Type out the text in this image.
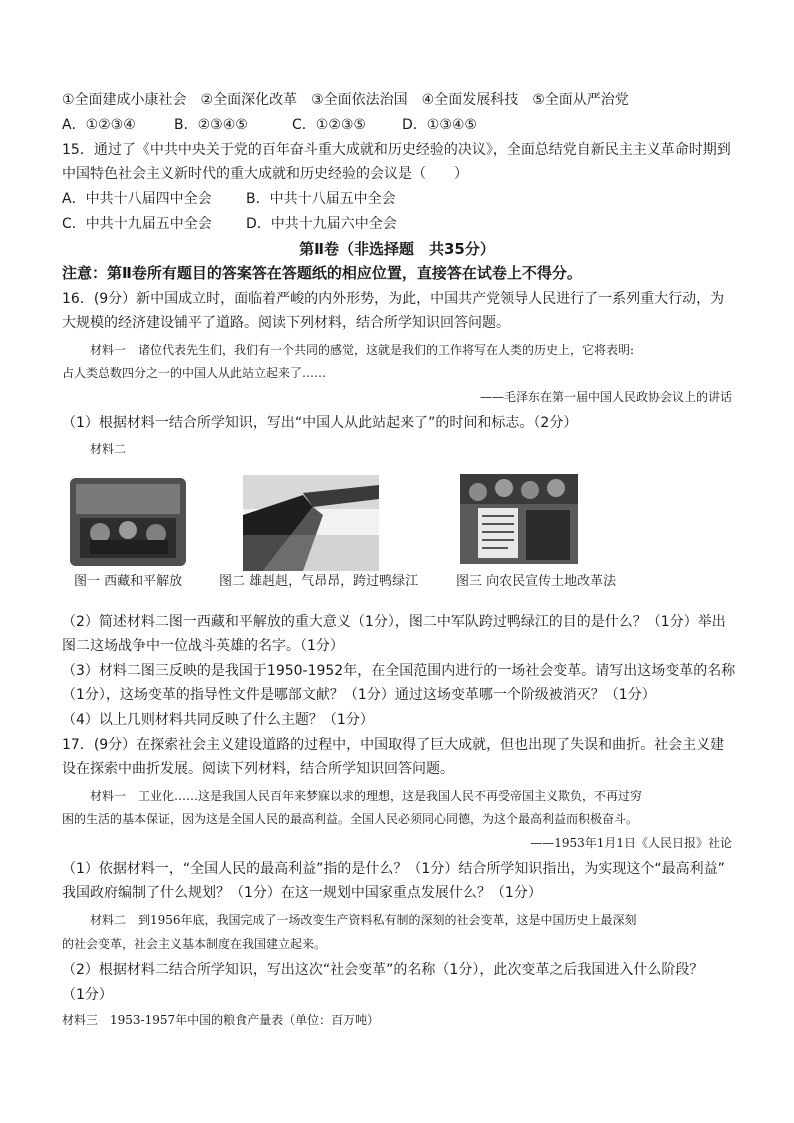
①全面建成小康社会　②全面深化改革　③全面依法治国　④全面发展科技　⑤全面从严治党
A．①②③④	B．②③④⑤	C．①②③⑤	D．①③④⑤
15．通过了《中共中央关于党的百年奋斗重大成就和历史经验的决议》，全面总结党自新民主主义革命时期到
中国特色社会主义新时代的重大成就和历史经验的会议是（　　）
A．中共十八届四中全会 B．中共十八届五中全会
C．中共十九届五中全会 D．中共十九届六中全会
第Ⅱ卷（非选择题　共35分）
注意：第Ⅱ卷所有题目的答案答在答题纸的相应位置，直接答在试卷上不得分。
16．(9分）新中国成立时，面临着严峻的内外形势，为此，中国共产党领导人民进行了一系列重大行动，为
大规模的经济建设铺平了道路。阅读下列材料，结合所学知识回答问题。
材料一　诸位代表先生们，我们有一个共同的感觉，这就是我们的工作将写在人类的历史上，它将表明:
占人类总数四分之一的中国人从此站立起来了……
——毛泽东在第一届中国人民政协会议上的讲话
（1）根据材料一结合所学知识，写出“中国人从此站起来了”的时间和标志。（2分）
材料二
图一 西藏和平解放	图二 雄赳赳，气昂昂，跨过鸭绿江	图三 向农民宣传土地改革法
（2）简述材料二图一西藏和平解放的重大意义（1分），图二中军队跨过鸭绿江的目的是什么？（1分）举出
图二这场战争中一位战斗英雄的名字。（1分）
（3）材料二图三反映的是我国于1950-1952年，在全国范围内进行的一场社会变革。请写出这场变革的名称
（1分），这场变革的指导性文件是哪部文献？（1分）通过这场变革哪一个阶级被消灭？（1分）
（4）以上几则材料共同反映了什么主题？（1分）
17．(9分）在探索社会主义建设道路的过程中，中国取得了巨大成就，但也出现了失误和曲折。社会主义建
设在探索中曲折发展。阅读下列材料，结合所学知识回答问题。
材料一　工业化……这是我国人民百年来梦寐以求的理想，这是我国人民不再受帝国主义欺负，不再过穷
困的生活的基本保证，因为这是全国人民的最高利益。全国人民必须同心同德，为这个最高利益而积极奋斗。
——1953年1月1日《人民日报》社论
（1）依据材料一，“全国人民的最高利益”指的是什么？（1分）结合所学知识指出，为实现这个“最高利益”
我国政府编制了什么规划？（1分）在这一规划中国家重点发展什么？（1分）
材料二　到1956年底，我国完成了一场改变生产资料私有制的深刻的社会变革，这是中国历史上最深刻
的社会变革，社会主义基本制度在我国建立起来。
（2）根据材料二结合所学知识，写出这次“社会变革”的名称（1分），此次变革之后我国进入什么阶段？
（1分）
材料三　1953-1957年中国的粮食产量表（单位：百万吨）
